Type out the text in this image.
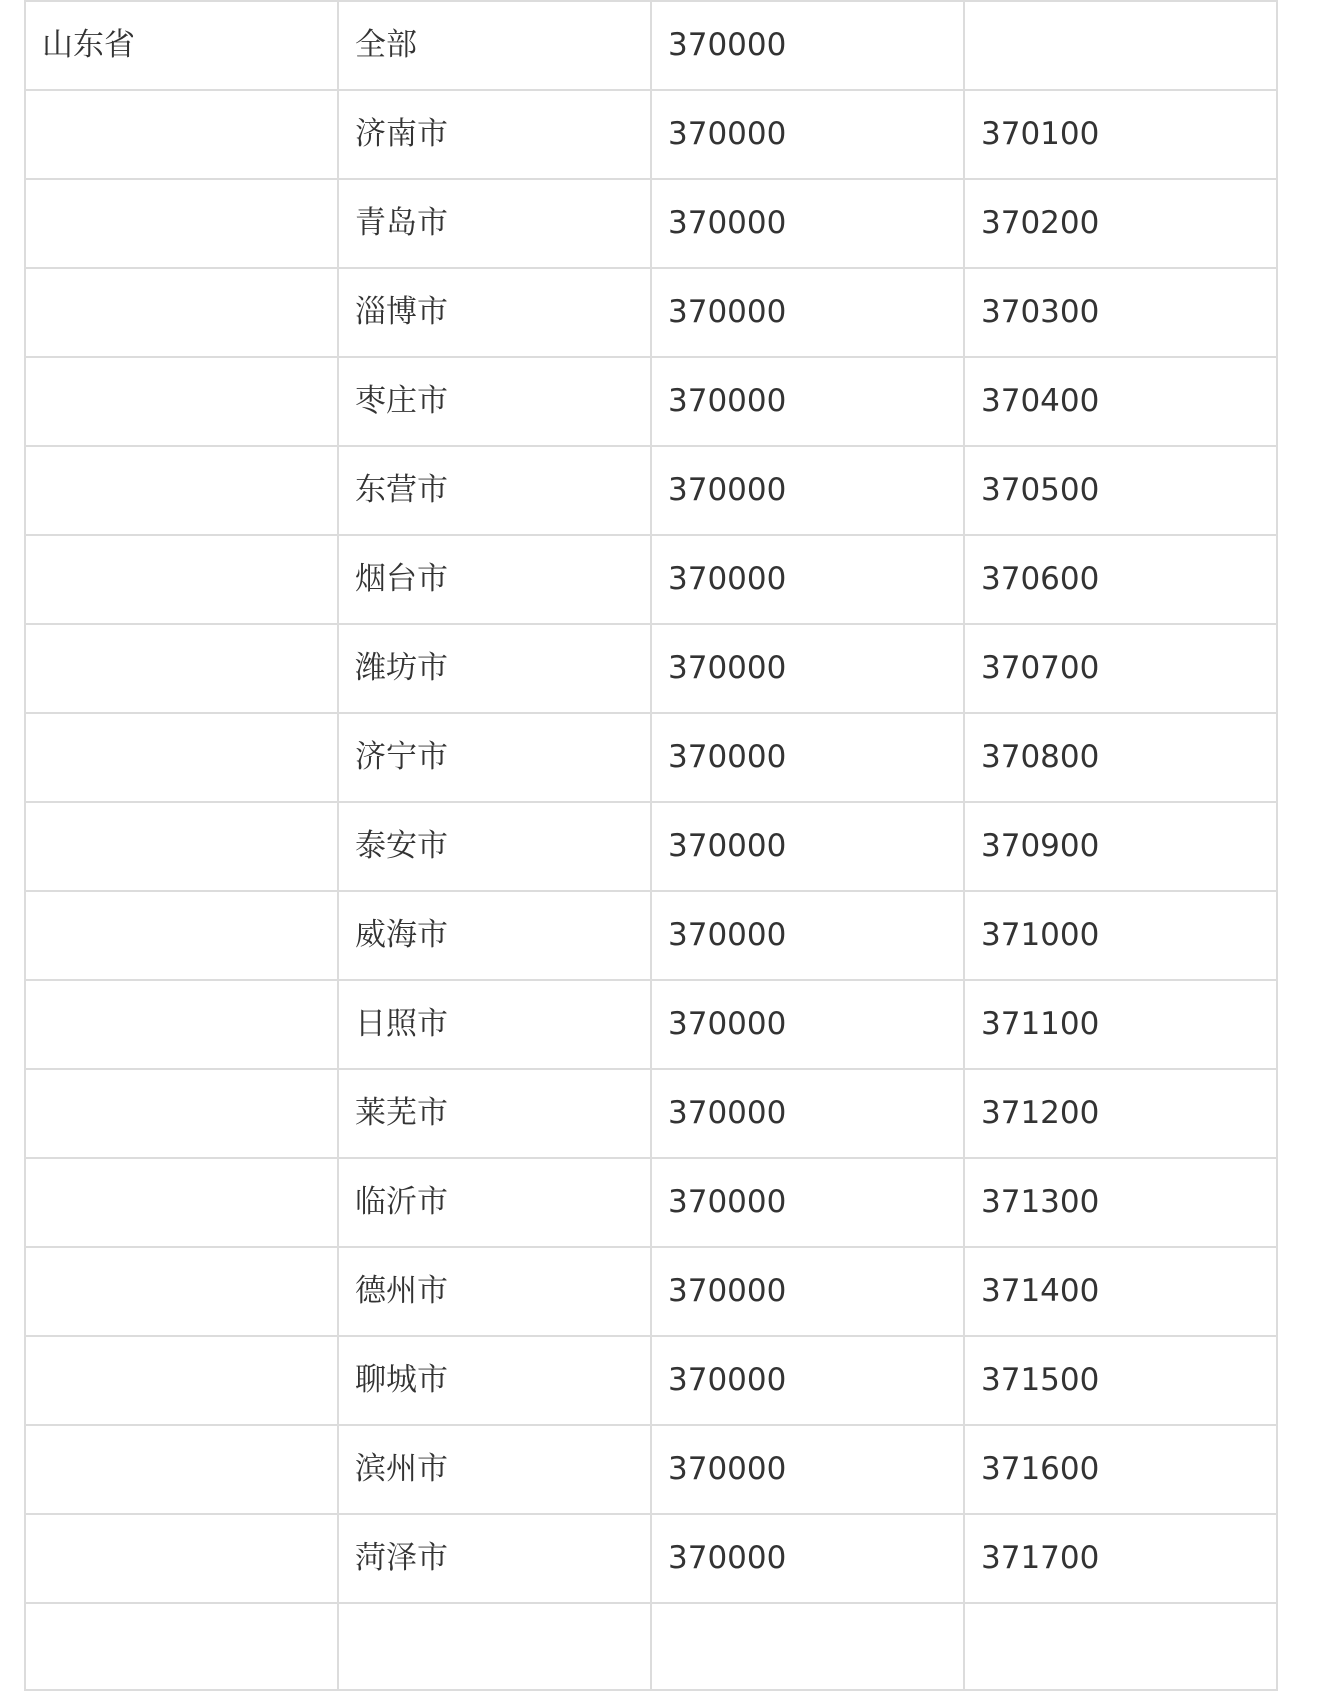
山东省	全部	370000	
	济南市	370000	370100
	青岛市	370000	370200
	淄博市	370000	370300
	枣庄市	370000	370400
	东营市	370000	370500
	烟台市	370000	370600
	潍坊市	370000	370700
	济宁市	370000	370800
	泰安市	370000	370900
	威海市	370000	371000
	日照市	370000	371100
	莱芜市	370000	371200
	临沂市	370000	371300
	德州市	370000	371400
	聊城市	370000	371500
	滨州市	370000	371600
	菏泽市	370000	371700
